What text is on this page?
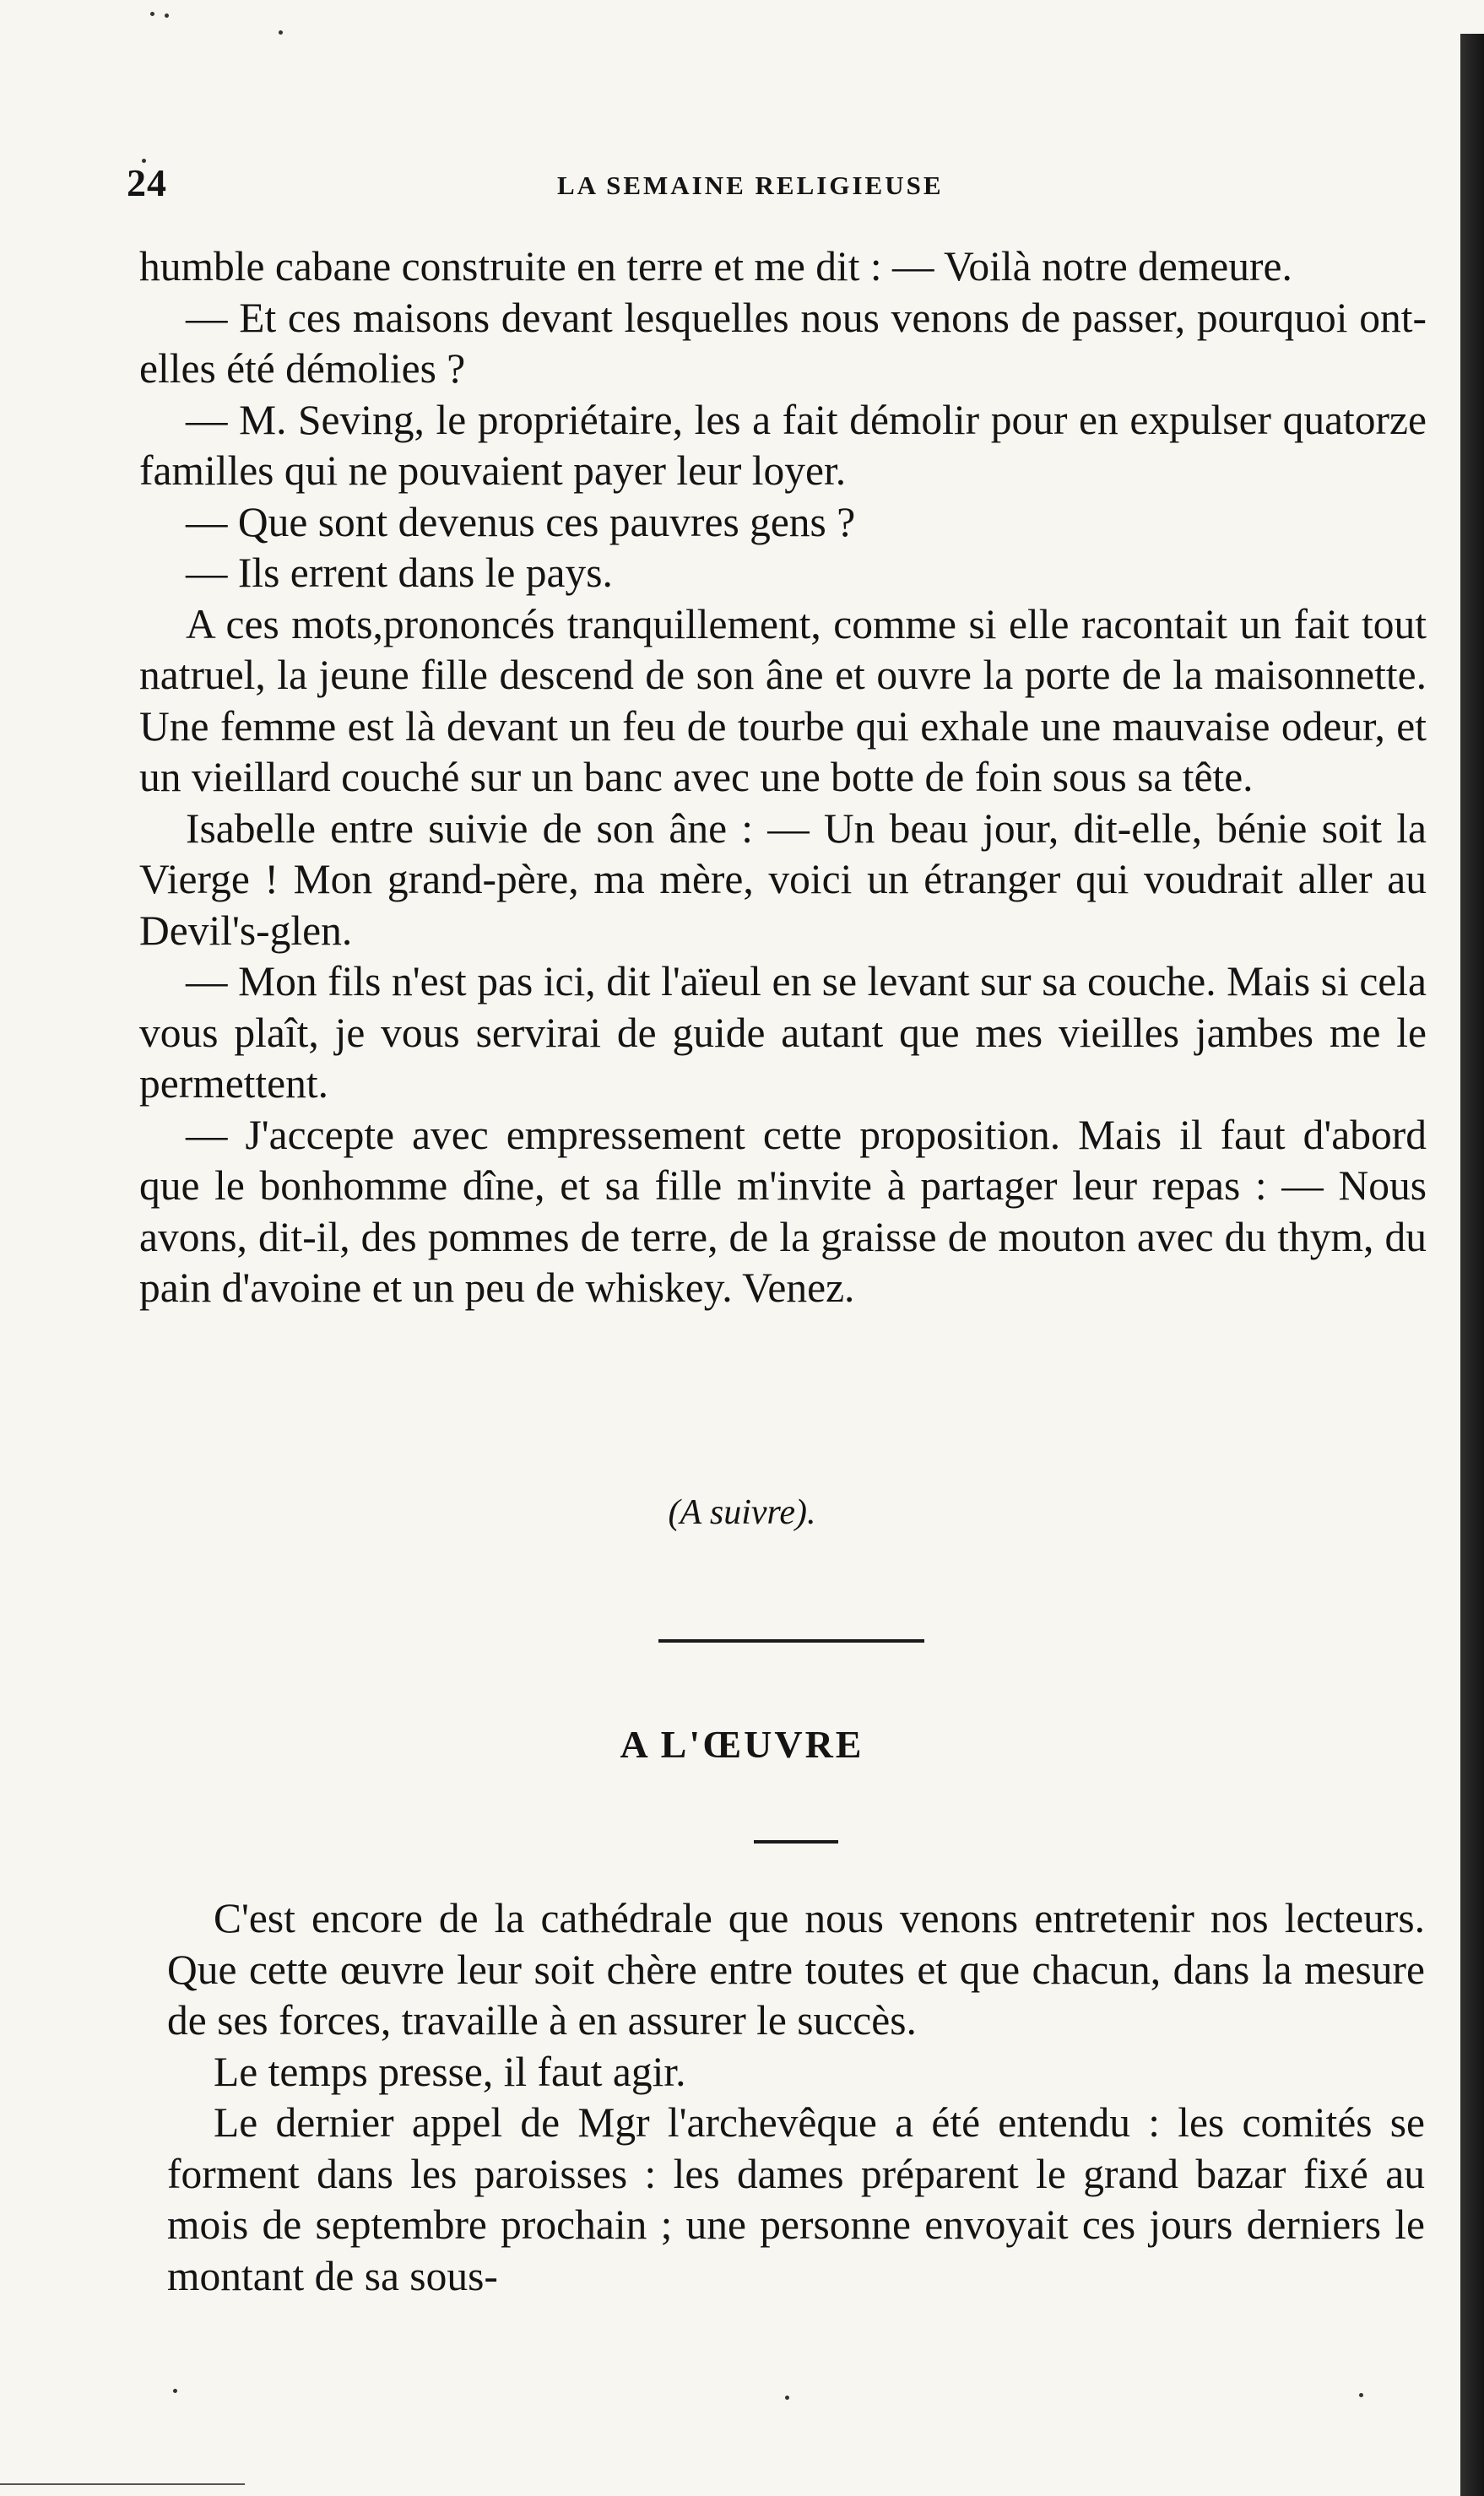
24	LA SEMAINE RELIGIEUSE

humble cabane construite en terre et me dit : — Voilà notre demeure.

— Et ces maisons devant lesquelles nous venons de passer, pourquoi ont-elles été démolies ?

— M. Seving, le propriétaire, les a fait démolir pour en expulser quatorze familles qui ne pouvaient payer leur loyer.

— Que sont devenus ces pauvres gens ?

— Ils errent dans le pays.

A ces mots,prononcés tranquillement, comme si elle racontait un fait tout natruel, la jeune fille descend de son âne et ouvre la porte de la maisonnette. Une femme est là devant un feu de tourbe qui exhale une mauvaise odeur, et un vieillard couché sur un banc avec une botte de foin sous sa tête.

Isabelle entre suivie de son âne : — Un beau jour, dit-elle, bénie soit la Vierge ! Mon grand-père, ma mère, voici un étranger qui voudrait aller au Devil's-glen.

— Mon fils n'est pas ici, dit l'aïeul en se levant sur sa couche. Mais si cela vous plaît, je vous servirai de guide autant que mes vieilles jambes me le permettent.

— J'accepte avec empressement cette proposition. Mais il faut d'abord que le bonhomme dîne, et sa fille m'invite à partager leur repas : — Nous avons, dit-il, des pommes de terre, de la graisse de mouton avec du thym, du pain d'avoine et un peu de whiskey. Venez.

(A suivre).
A L'ŒUVRE

C'est encore de la cathédrale que nous venons entretenir nos lecteurs. Que cette œuvre leur soit chère entre toutes et que chacun, dans la mesure de ses forces, travaille à en assurer le succès.

Le temps presse, il faut agir.

Le dernier appel de Mgr l'archevêque a été entendu : les comités se forment dans les paroisses : les dames préparent le grand bazar fixé au mois de septembre prochain ; une personne envoyait ces jours derniers le montant de sa sous-
